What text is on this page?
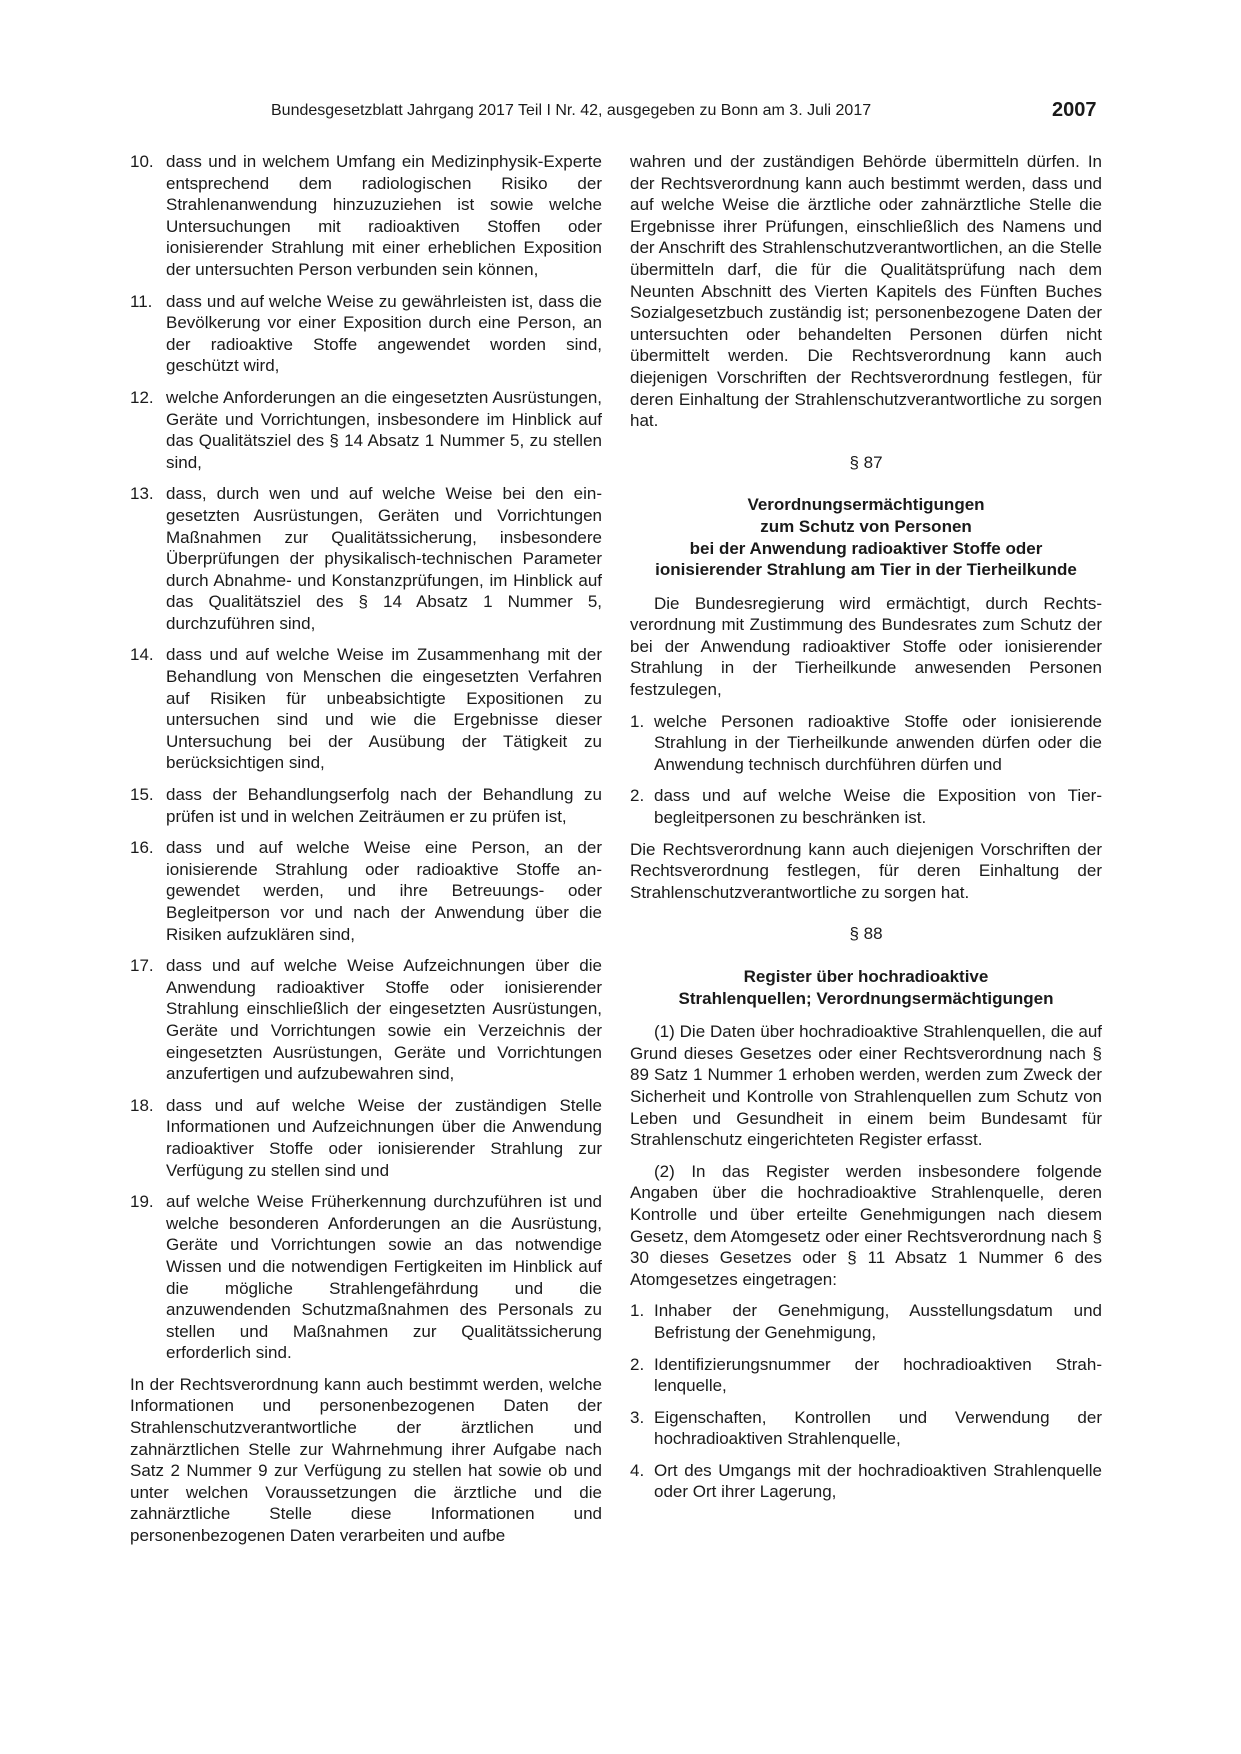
Bundesgesetzblatt Jahrgang 2017 Teil I Nr. 42, ausgegeben zu Bonn am 3. Juli 2017	2007
10. dass und in welchem Umfang ein Medizinphysik-Experte entsprechend dem radiologischen Risiko der Strahlenanwendung hinzuzuziehen ist sowie welche Untersuchungen mit radioaktiven Stoffen oder ionisierender Strahlung mit einer erheblichen Exposition der untersuchten Person verbunden sein können,
11. dass und auf welche Weise zu gewährleisten ist, dass die Bevölkerung vor einer Exposition durch eine Person, an der radioaktive Stoffe angewendet worden sind, geschützt wird,
12. welche Anforderungen an die eingesetzten Ausrüstungen, Geräte und Vorrichtungen, insbesondere im Hinblick auf das Qualitätsziel des § 14 Absatz 1 Nummer 5, zu stellen sind,
13. dass, durch wen und auf welche Weise bei den eingesetzten Ausrüstungen, Geräten und Vorrichtungen Maßnahmen zur Qualitätssicherung, insbesondere Überprüfungen der physikalisch-technischen Parameter durch Abnahme- und Konstanzprüfungen, im Hinblick auf das Qualitätsziel des § 14 Absatz 1 Nummer 5, durchzuführen sind,
14. dass und auf welche Weise im Zusammenhang mit der Behandlung von Menschen die eingesetzten Verfahren auf Risiken für unbeabsichtigte Expositionen zu untersuchen sind und wie die Ergebnisse dieser Untersuchung bei der Ausübung der Tätigkeit zu berücksichtigen sind,
15. dass der Behandlungserfolg nach der Behandlung zu prüfen ist und in welchen Zeiträumen er zu prüfen ist,
16. dass und auf welche Weise eine Person, an der ionisierende Strahlung oder radioaktive Stoffe angewendet werden, und ihre Betreuungs- oder Begleitperson vor und nach der Anwendung über die Risiken aufzuklären sind,
17. dass und auf welche Weise Aufzeichnungen über die Anwendung radioaktiver Stoffe oder ionisierender Strahlung einschließlich der eingesetzten Ausrüstungen, Geräte und Vorrichtungen sowie ein Verzeichnis der eingesetzten Ausrüstungen, Geräte und Vorrichtungen anzufertigen und aufzubewahren sind,
18. dass und auf welche Weise der zuständigen Stelle Informationen und Aufzeichnungen über die Anwendung radioaktiver Stoffe oder ionisierender Strahlung zur Verfügung zu stellen sind und
19. auf welche Weise Früherkennung durchzuführen ist und welche besonderen Anforderungen an die Ausrüstung, Geräte und Vorrichtungen sowie an das notwendige Wissen und die notwendigen Fertigkeiten im Hinblick auf die mögliche Strahlengefährdung und die anzuwendenden Schutzmaßnahmen des Personals zu stellen und Maßnahmen zur Qualitätssicherung erforderlich sind.

In der Rechtsverordnung kann auch bestimmt werden, welche Informationen und personenbezogenen Daten der Strahlenschutzverantwortliche der ärztlichen und zahnärztlichen Stelle zur Wahrnehmung ihrer Aufgabe nach Satz 2 Nummer 9 zur Verfügung zu stellen hat sowie ob und unter welchen Voraussetzungen die ärztliche und die zahnärztliche Stelle diese Informationen und personenbezogenen Daten verarbeiten und aufbe

wahren und der zuständigen Behörde übermitteln dürfen. In der Rechtsverordnung kann auch bestimmt werden, dass und auf welche Weise die ärztliche oder zahnärztliche Stelle die Ergebnisse ihrer Prüfungen, einschließlich des Namens und der Anschrift des Strahlenschutzverantwortlichen, an die Stelle übermitteln darf, die für die Qualitätsprüfung nach dem Neunten Abschnitt des Vierten Kapitels des Fünften Buches Sozialgesetzbuch zuständig ist; personenbezogene Daten der untersuchten oder behandelten Personen dürfen nicht übermittelt werden. Die Rechtsverordnung kann auch diejenigen Vorschriften der Rechtsverordnung festlegen, für deren Einhaltung der Strahlenschutzverantwortliche zu sorgen hat.

§ 87
Verordnungsermächtigungen
zum Schutz von Personen
bei der Anwendung radioaktiver Stoffe oder
ionisierender Strahlung am Tier in der Tierheilkunde

Die Bundesregierung wird ermächtigt, durch Rechtsverordnung mit Zustimmung des Bundesrates zum Schutz der bei der Anwendung radioaktiver Stoffe oder ionisierender Strahlung in der Tierheilkunde anwesenden Personen festzulegen,

1. welche Personen radioaktive Stoffe oder ionisierende Strahlung in der Tierheilkunde anwenden dürfen oder die Anwendung technisch durchführen dürfen und
2. dass und auf welche Weise die Exposition von Tierbegleitpersonen zu beschränken ist.

Die Rechtsverordnung kann auch diejenigen Vorschriften der Rechtsverordnung festlegen, für deren Einhaltung der Strahlenschutzverantwortliche zu sorgen hat.

§ 88
Register über hochradioaktive
Strahlenquellen; Verordnungsermächtigungen

(1) Die Daten über hochradioaktive Strahlenquellen, die auf Grund dieses Gesetzes oder einer Rechtsverordnung nach § 89 Satz 1 Nummer 1 erhoben werden, werden zum Zweck der Sicherheit und Kontrolle von Strahlenquellen zum Schutz von Leben und Gesundheit in einem beim Bundesamt für Strahlenschutz eingerichteten Register erfasst.

(2) In das Register werden insbesondere folgende Angaben über die hochradioaktive Strahlenquelle, deren Kontrolle und über erteilte Genehmigungen nach diesem Gesetz, dem Atomgesetz oder einer Rechtsverordnung nach § 30 dieses Gesetzes oder § 11 Absatz 1 Nummer 6 des Atomgesetzes eingetragen:

1. Inhaber der Genehmigung, Ausstellungsdatum und Befristung der Genehmigung,
2. Identifizierungsnummer der hochradioaktiven Strahlenquelle,
3. Eigenschaften, Kontrollen und Verwendung der hochradioaktiven Strahlenquelle,
4. Ort des Umgangs mit der hochradioaktiven Strahlenquelle oder Ort ihrer Lagerung,
